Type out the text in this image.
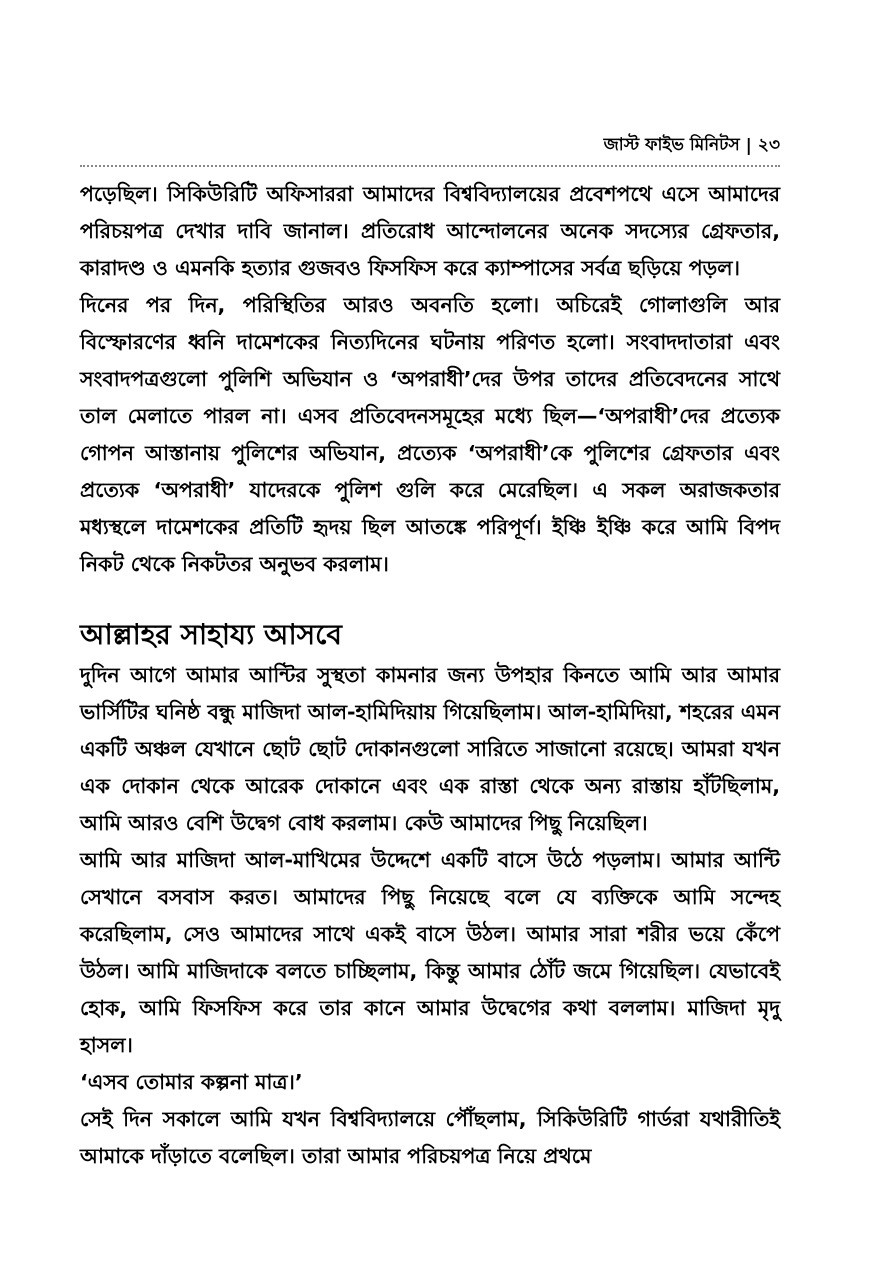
জাস্ট ফাইভ মিনিটস | ২৩

পড়েছিল। সিকিউরিটি অফিসাররা আমাদের বিশ্ববিদ্যালয়ের প্রবেশপথে এসে আমাদের পরিচয়পত্র দেখার দাবি জানাল। প্রতিরোধ আন্দোলনের অনেক সদস্যের গ্রেফতার, কারাদণ্ড ও এমনকি হত্যার গুজবও ফিসফিস করে ক্যাম্পাসের সর্বত্র ছড়িয়ে পড়ল।

দিনের পর দিন, পরিস্থিতির আরও অবনতি হলো। অচিরেই গোলাগুলি আর বিস্ফোরণের ধ্বনি দামেশকের নিত্যদিনের ঘটনায় পরিণত হলো। সংবাদদাতারা এবং সংবাদপত্রগুলো পুলিশি অভিযান ও ‘অপরাধী’দের উপর তাদের প্রতিবেদনের সাথে তাল মেলাতে পারল না। এসব প্রতিবেদনসমূহের মধ্যে ছিল—‘অপরাধী’দের প্রত্যেক গোপন আস্তানায় পুলিশের অভিযান, প্রত্যেক ‘অপরাধী’কে পুলিশের গ্রেফতার এবং প্রত্যেক ‘অপরাধী’ যাদেরকে পুলিশ গুলি করে মেরেছিল। এ সকল অরাজকতার মধ্যস্থলে দামেশকের প্রতিটি হৃদয় ছিল আতঙ্কে পরিপূর্ণ। ইঞ্চি ইঞ্চি করে আমি বিপদ নিকট থেকে নিকটতর অনুভব করলাম।

আল্লাহর সাহায্য আসবে

দুদিন আগে আমার আন্টির সুস্থতা কামনার জন্য উপহার কিনতে আমি আর আমার ভার্সিটির ঘনিষ্ঠ বন্ধু মাজিদা আল-হামিদিয়ায় গিয়েছিলাম। আল-হামিদিয়া, শহরের এমন একটি অঞ্চল যেখানে ছোট ছোট দোকানগুলো সারিতে সাজানো রয়েছে। আমরা যখন এক দোকান থেকে আরেক দোকানে এবং এক রাস্তা থেকে অন্য রাস্তায় হাঁটছিলাম, আমি আরও বেশি উদ্বেগ বোধ করলাম। কেউ আমাদের পিছু নিয়েছিল।

আমি আর মাজিদা আল-মাখিমের উদ্দেশে একটি বাসে উঠে পড়লাম। আমার আন্টি সেখানে বসবাস করত। আমাদের পিছু নিয়েছে বলে যে ব্যক্তিকে আমি সন্দেহ করেছিলাম, সেও আমাদের সাথে একই বাসে উঠল। আমার সারা শরীর ভয়ে কেঁপে উঠল। আমি মাজিদাকে বলতে চাচ্ছিলাম, কিন্তু আমার ঠোঁট জমে গিয়েছিল। যেভাবেই হোক, আমি ফিসফিস করে তার কানে আমার উদ্বেগের কথা বললাম। মাজিদা মৃদু হাসল।

‘এসব তোমার কল্পনা মাত্র।’

সেই দিন সকালে আমি যখন বিশ্ববিদ্যালয়ে পৌঁছলাম, সিকিউরিটি গার্ডরা যথারীতিই আমাকে দাঁড়াতে বলেছিল। তারা আমার পরিচয়পত্র নিয়ে প্রথমে
